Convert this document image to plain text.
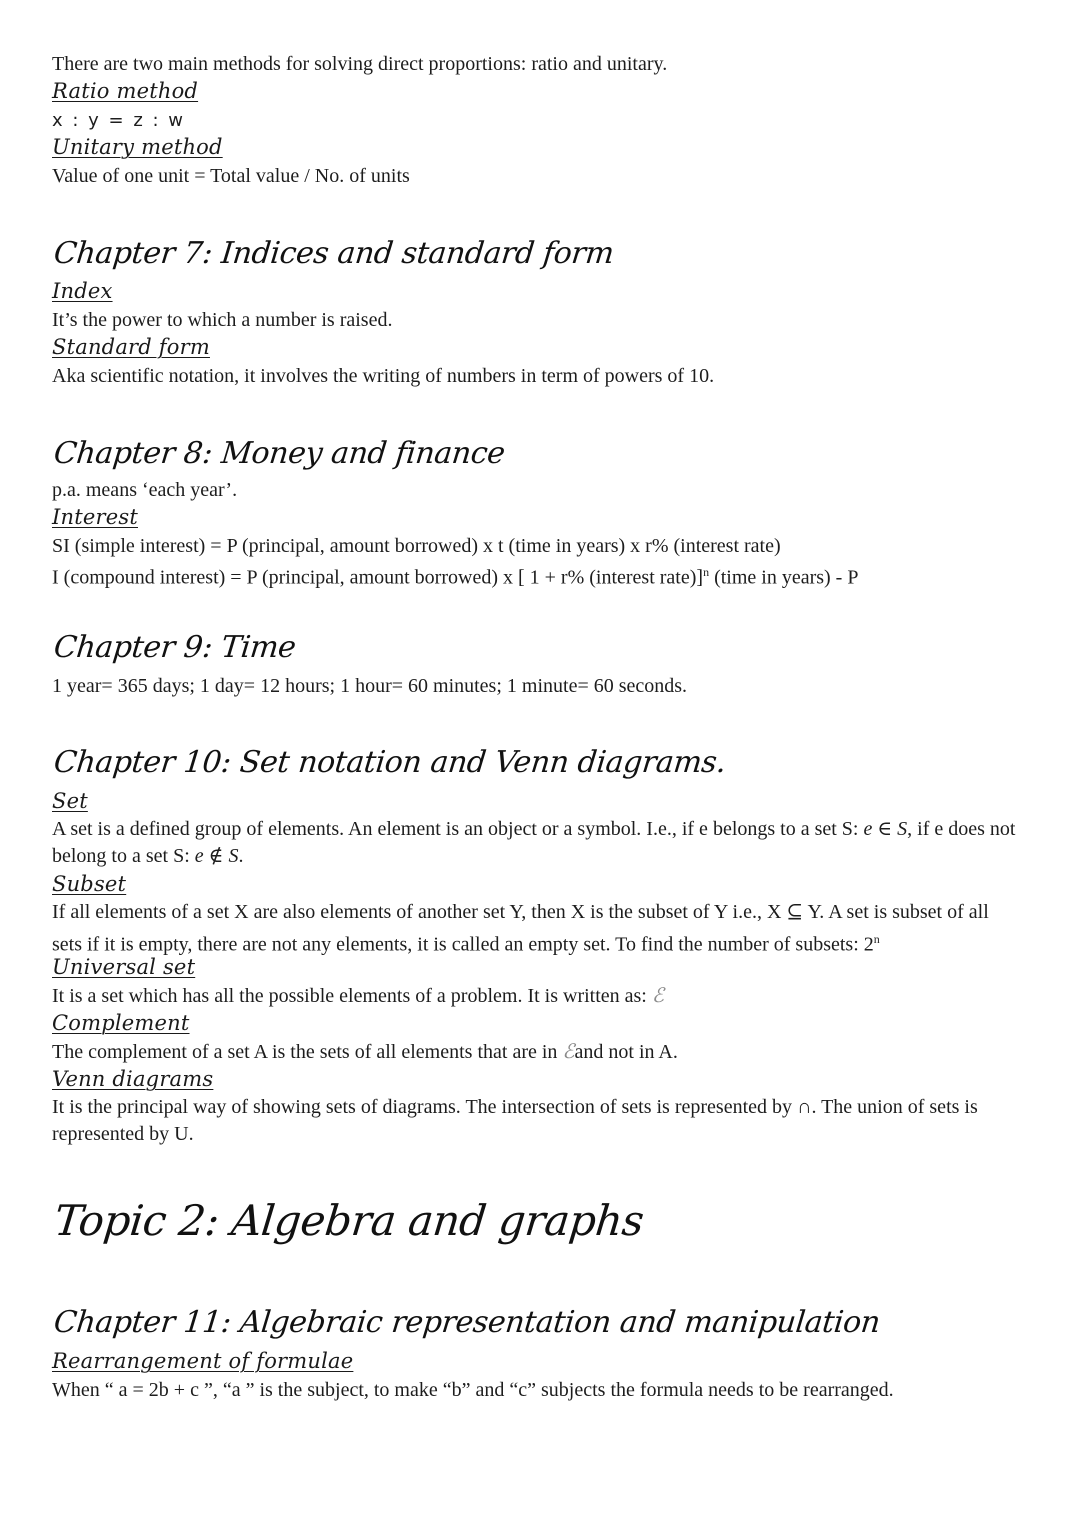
There are two main methods for solving direct proportions: ratio and unitary.
Ratio method
x : y = z : w
Unitary method
Value of one unit = Total value / No. of units
Chapter 7: Indices and standard form
Index
It’s the power to which a number is raised.
Standard form
Aka scientific notation, it involves the writing of numbers in term of powers of 10.
Chapter 8: Money and finance
p.a. means ‘each year’.
Interest
SI (simple interest) = P (principal, amount borrowed) x t (time in years) x r% (interest rate)
I (compound interest) = P (principal, amount borrowed) x [ 1 + r% (interest rate)]$^n$ (time in years) - P
Chapter 9: Time
1 year= 365 days; 1 day= 12 hours; 1 hour= 60 minutes; 1 minute= 60 seconds.
Chapter 10: Set notation and Venn diagrams.
Set
A set is a defined group of elements. An element is an object or a symbol. I.e., if e belongs to a set S: e ∈ S, if e does not belong to a set S: e ∉ S.
Subset
If all elements of a set X are also elements of another set Y, then X is the subset of Y i.e., X ⊆ Y. A set is subset of all sets if it is empty, there are not any elements, it is called an empty set. To find the number of subsets: 2$^n$
Universal set
It is a set which has all the possible elements of a problem. It is written as: ℰ
Complement
The complement of a set A is the sets of all elements that are in ℰand not in A.
Venn diagrams
It is the principal way of showing sets of diagrams. The intersection of sets is represented by ∩. The union of sets is represented by U.
Topic 2: Algebra and graphs
Chapter 11: Algebraic representation and manipulation
Rearrangement of formulae
When “ a = 2b + c ”, “a ” is the subject, to make “b” and “c” subjects the formula needs to be rearranged.
